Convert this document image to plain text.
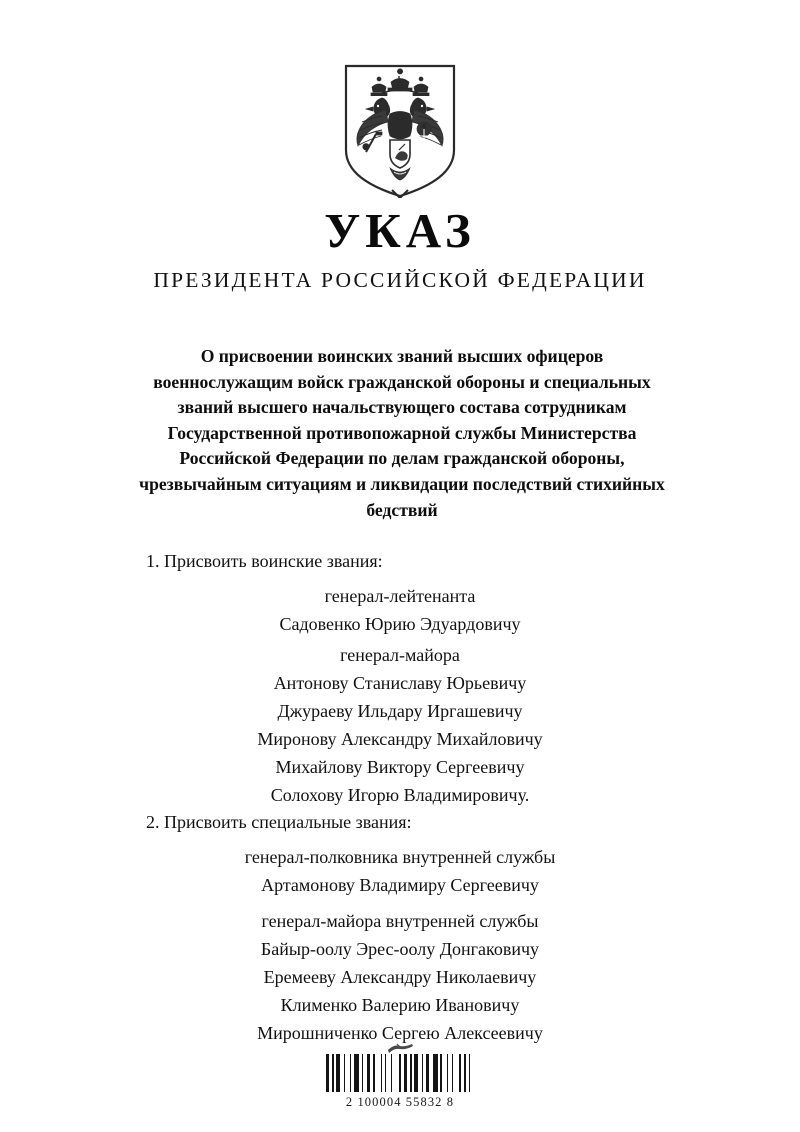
УКАЗ
ПРЕЗИДЕНТА РОССИЙСКОЙ ФЕДЕРАЦИИ
О присвоении воинских званий высших офицеров
военнослужащим войск гражданской обороны и специальных
званий высшего начальствующего состава сотрудникам
Государственной противопожарной службы Министерства
Российской Федерации по делам гражданской обороны,
чрезвычайным ситуациям и ликвидации последствий стихийных
бедствий
1. Присвоить воинские звания:
генерал-лейтенанта
Садовенко Юрию Эдуардовичу
генерал-майора
Антонову Станиславу Юрьевичу
Джураеву Ильдару Иргашевичу
Миронову Александру Михайловичу
Михайлову Виктору Сергеевичу
Солохову Игорю Владимировичу.
2. Присвоить специальные звания:
генерал-полковника внутренней службы
Артамонову Владимиру Сергеевичу
генерал-майора внутренней службы
Байыр-оолу Эрес-оолу Донгаковичу
Еремееву Александру Николаевичу
Клименко Валерию Ивановичу
Мирошниченко Сергею Алексеевичу
2 100004 55832 8
